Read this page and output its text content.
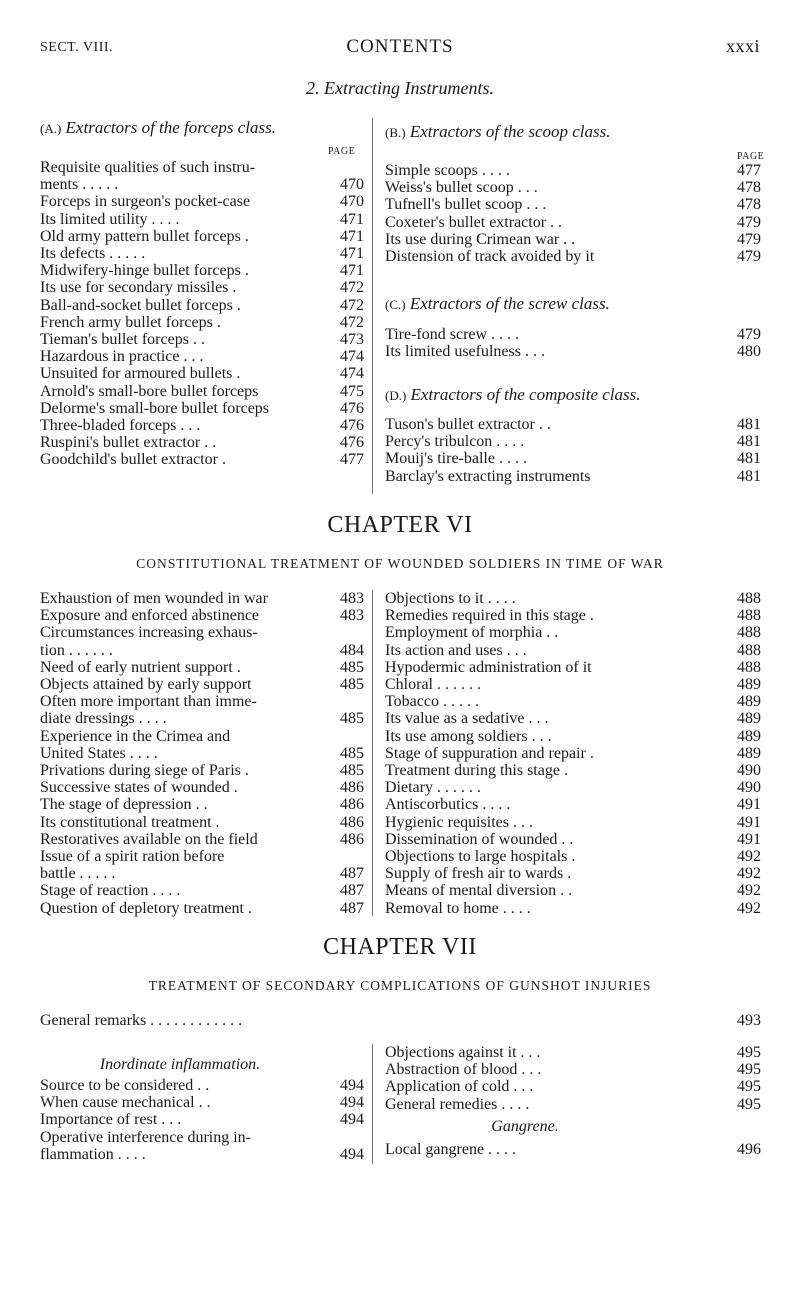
SECT. VIII.	CONTENTS	xxxi
2. Extracting Instruments.
(A.) Extractors of the forceps class.
PAGE
Requisite qualities of such instru-
ments . . . . .	470
Forceps in surgeon's pocket-case	470
Its limited utility . . . .	471
Old army pattern bullet forceps .	471
Its defects . . . . .	471
Midwifery-hinge bullet forceps .	471
Its use for secondary missiles .	472
Ball-and-socket bullet forceps .	472
French army bullet forceps .	472
Tieman's bullet forceps . .	473
Hazardous in practice . . .	474
Unsuited for armoured bullets .	474
Arnold's small-bore bullet forceps	475
Delorme's small-bore bullet forceps	476
Three-bladed forceps . . .	476
Ruspini's bullet extractor . .	476
Goodchild's bullet extractor .	477
(B.) Extractors of the scoop class.
PAGE
Simple scoops . . . .	477
Weiss's bullet scoop . . .	478
Tufnell's bullet scoop . . .	478
Coxeter's bullet extractor . .	479
Its use during Crimean war . .	479
Distension of track avoided by it	479
(C.) Extractors of the screw class.
Tire-fond screw . . . .	479
Its limited usefulness . . .	480
(D.) Extractors of the composite class.
Tuson's bullet extractor . .	481
Percy's tribulcon . . . .	481
Mouij's tire-balle . . . .	481
Barclay's extracting instruments	481
CHAPTER VI
CONSTITUTIONAL TREATMENT OF WOUNDED SOLDIERS IN TIME OF WAR
Exhaustion of men wounded in war	483
Exposure and enforced abstinence	483
Circumstances increasing exhaus-
tion . . . . . .	484
Need of early nutrient support .	485
Objects attained by early support	485
Often more important than imme-
diate dressings . . . .	485
Experience in the Crimea and
United States . . . .	485
Privations during siege of Paris .	485
Successive states of wounded .	486
The stage of depression . .	486
Its constitutional treatment .	486
Restoratives available on the field	486
Issue of a spirit ration before
battle . . . . .	487
Stage of reaction . . . .	487
Question of depletory treatment .	487
Objections to it . . . .	488
Remedies required in this stage .	488
Employment of morphia . .	488
Its action and uses . . .	488
Hypodermic administration of it	488
Chloral . . . . . .	489
Tobacco . . . . .	489
Its value as a sedative . . .	489
Its use among soldiers . . .	489
Stage of suppuration and repair .	489
Treatment during this stage .	490
Dietary . . . . . .	490
Antiscorbutics . . . .	491
Hygienic requisites . . .	491
Dissemination of wounded . .	491
Objections to large hospitals .	492
Supply of fresh air to wards .	492
Means of mental diversion . .	492
Removal to home . . . .	492
CHAPTER VII
TREATMENT OF SECONDARY COMPLICATIONS OF GUNSHOT INJURIES
General remarks . . . . . . . . . . . .	493
Inordinate inflammation.
Source to be considered . .	494
When cause mechanical . .	494
Importance of rest . . .	494
Operative interference during in-
flammation . . . .	494
Objections against it . . .	495
Abstraction of blood . . .	495
Application of cold . . .	495
General remedies . . . .	495
Gangrene.
Local gangrene . . . .	496
